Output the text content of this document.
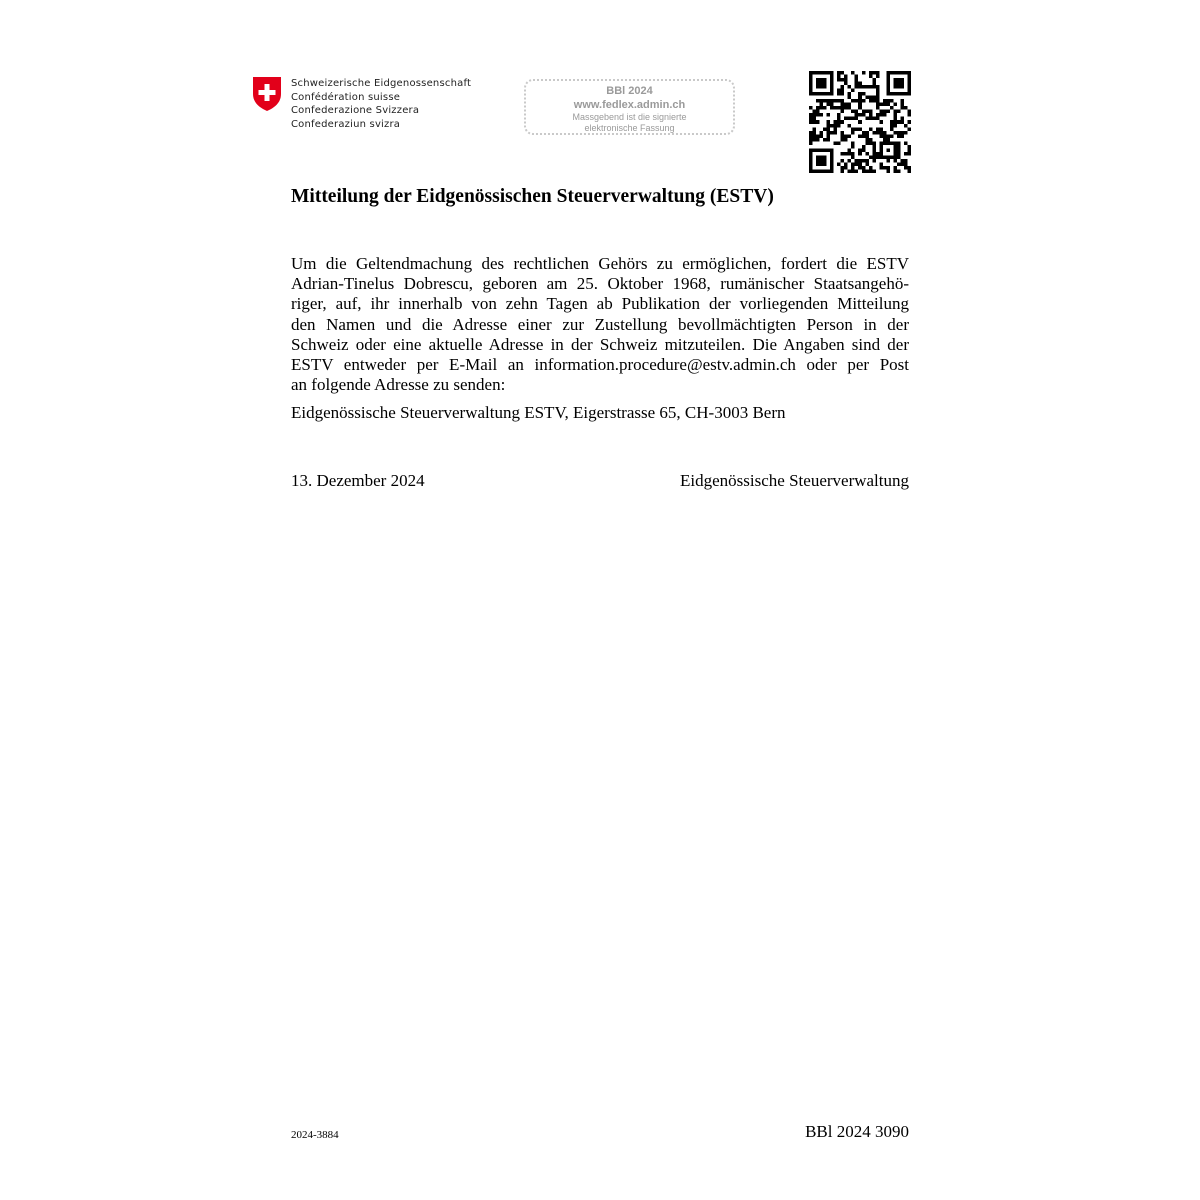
Schweizerische Eidgenossenschaft
Confédération suisse
Confederazione Svizzera
Confederaziun svizra
BBl 2024
www.fedlex.admin.ch
Massgebend ist die signierte
elektronische Fassung
Mitteilung der Eidgenössischen Steuerverwaltung (ESTV)
Um die Geltendmachung des rechtlichen Gehörs zu ermöglichen, fordert die ESTV
Adrian-Tinelus Dobrescu, geboren am 25. Oktober 1968, rumänischer Staatsangehö-
riger, auf, ihr innerhalb von zehn Tagen ab Publikation der vorliegenden Mitteilung
den Namen und die Adresse einer zur Zustellung bevollmächtigten Person in der
Schweiz oder eine aktuelle Adresse in der Schweiz mitzuteilen. Die Angaben sind der
ESTV entweder per E-Mail an information.procedure@estv.admin.ch oder per Post
an folgende Adresse zu senden:
Eidgenössische Steuerverwaltung ESTV, Eigerstrasse 65, CH-3003 Bern
13. Dezember 2024	Eidgenössische Steuerverwaltung
2024-3884	BBl 2024 3090
